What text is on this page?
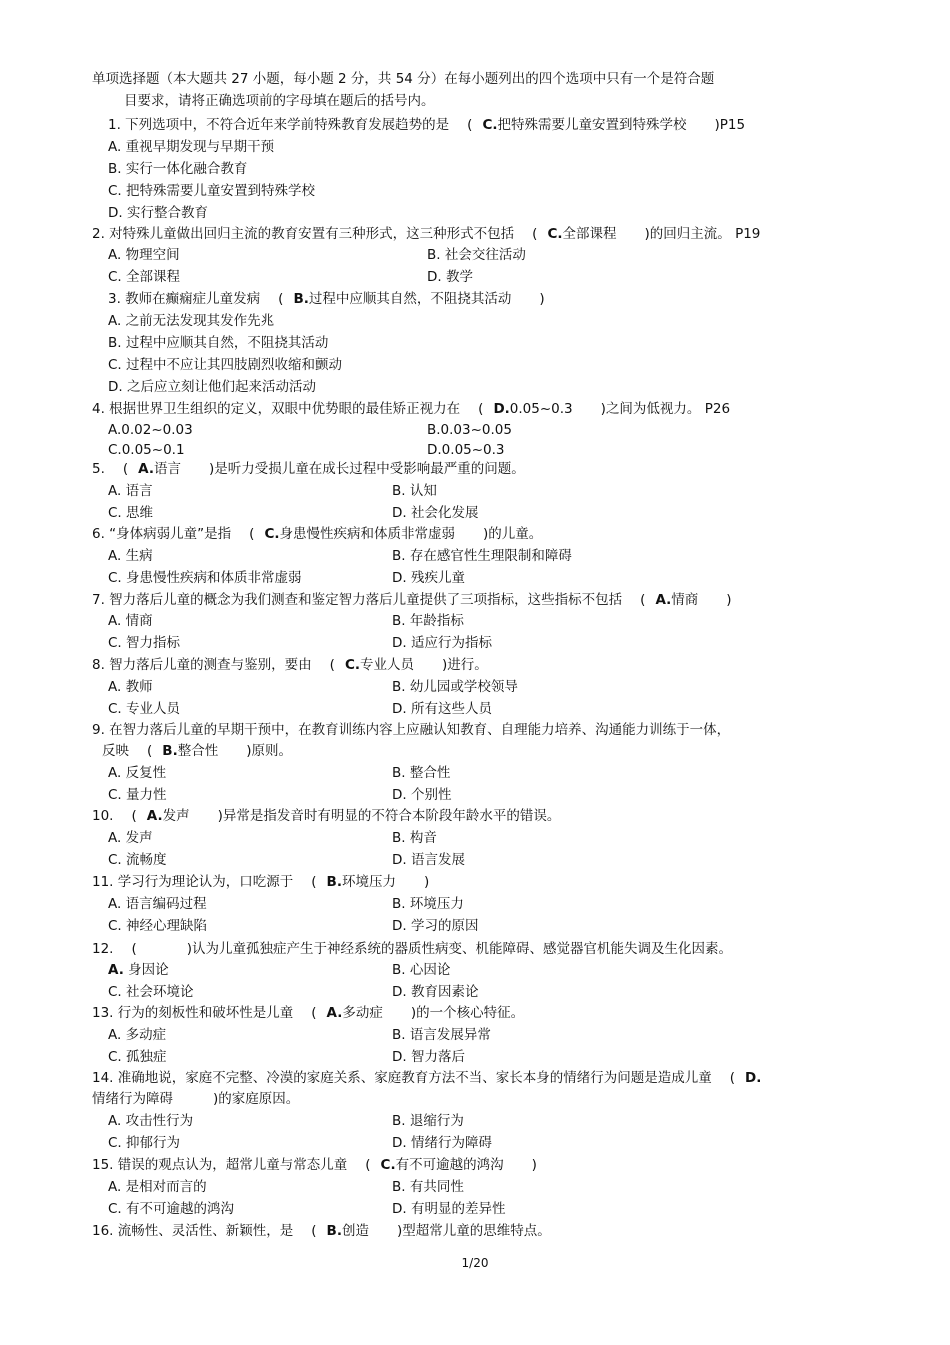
单项选择题（本大题共 27 小题，每小题 2 分，共 54 分）在每小题列出的四个选项中只有一个是符合题
目要求，请将正确选项前的字母填在题后的括号内。
1. 下列选项中，不符合近年来学前特殊教育发展趋势的是 ( C.把特殊需要儿童安置到特殊学校 )P15
A. 重视早期发现与早期干预
B. 实行一体化融合教育
C. 把特殊需要儿童安置到特殊学校
D. 实行整合教育
2. 对特殊儿童做出回归主流的教育安置有三种形式，这三种形式不包括 ( C.全部课程 )的回归主流。 P19
A. 物理空间	B. 社会交往活动
C. 全部课程	D. 教学
3. 教师在癫痫症儿童发病 ( B.过程中应顺其自然，不阻挠其活动 )
A. 之前无法发现其发作先兆
B. 过程中应顺其自然，不阻挠其活动
C. 过程中不应让其四肢剧烈收缩和颤动
D. 之后应立刻让他们起来活动活动
4. 根据世界卫生组织的定义，双眼中优势眼的最佳矫正视力在 ( D.0.05~0.3 )之间为低视力。 P26
A.0.02~0.03	B.0.03~0.05
C.0.05~0.1	D.0.05~0.3
5. ( A.语言 )是听力受损儿童在成长过程中受影响最严重的问题。
A. 语言	B. 认知
C. 思维	D. 社会化发展
6. “身体病弱儿童”是指 ( C.身患慢性疾病和体质非常虚弱 )的儿童。
A. 生病	B. 存在感官性生理限制和障碍
C. 身患慢性疾病和体质非常虚弱	D. 残疾儿童
7. 智力落后儿童的概念为我们测查和鉴定智力落后儿童提供了三项指标，这些指标不包括 ( A.情商 )
A. 情商	B. 年龄指标
C. 智力指标	D. 适应行为指标
8. 智力落后儿童的测查与鉴别，要由 ( C.专业人员 )进行。
A. 教师	B. 幼儿园或学校领导
C. 专业人员	D. 所有这些人员
9. 在智力落后儿童的早期干预中，在教育训练内容上应融认知教育、自理能力培养、沟通能力训练于一体，
反映 ( B.整合性 )原则。
A. 反复性	B. 整合性
C. 量力性	D. 个别性
10. ( A.发声 )异常是指发音时有明显的不符合本阶段年龄水平的错误。
A. 发声	B. 构音
C. 流畅度	D. 语言发展
11. 学习行为理论认为，口吃源于 ( B.环境压力 )
A. 语言编码过程	B. 环境压力
C. 神经心理缺陷	D. 学习的原因
12. (	)认为儿童孤独症产生于神经系统的器质性病变、机能障碍、感觉器官机能失调及生化因素。
A. 身因论	B. 心因论
C. 社会环境论	D. 教育因素论
13. 行为的刻板性和破坏性是儿童 ( A.多动症 )的一个核心特征。
A. 多动症	B. 语言发展异常
C. 孤独症	D. 智力落后
14. 准确地说，家庭不完整、冷漠的家庭关系、家庭教育方法不当、家长本身的情绪行为问题是造成儿童 ( D.
情绪行为障碍	)的家庭原因。
A. 攻击性行为	B. 退缩行为
C. 抑郁行为	D. 情绪行为障碍
15. 错误的观点认为，超常儿童与常态儿童 ( C.有不可逾越的鸿沟 )
A. 是相对而言的	B. 有共同性
C. 有不可逾越的鸿沟	D. 有明显的差异性
16. 流畅性、灵活性、新颖性，是 ( B.创造 )型超常儿童的思维特点。
1/20
